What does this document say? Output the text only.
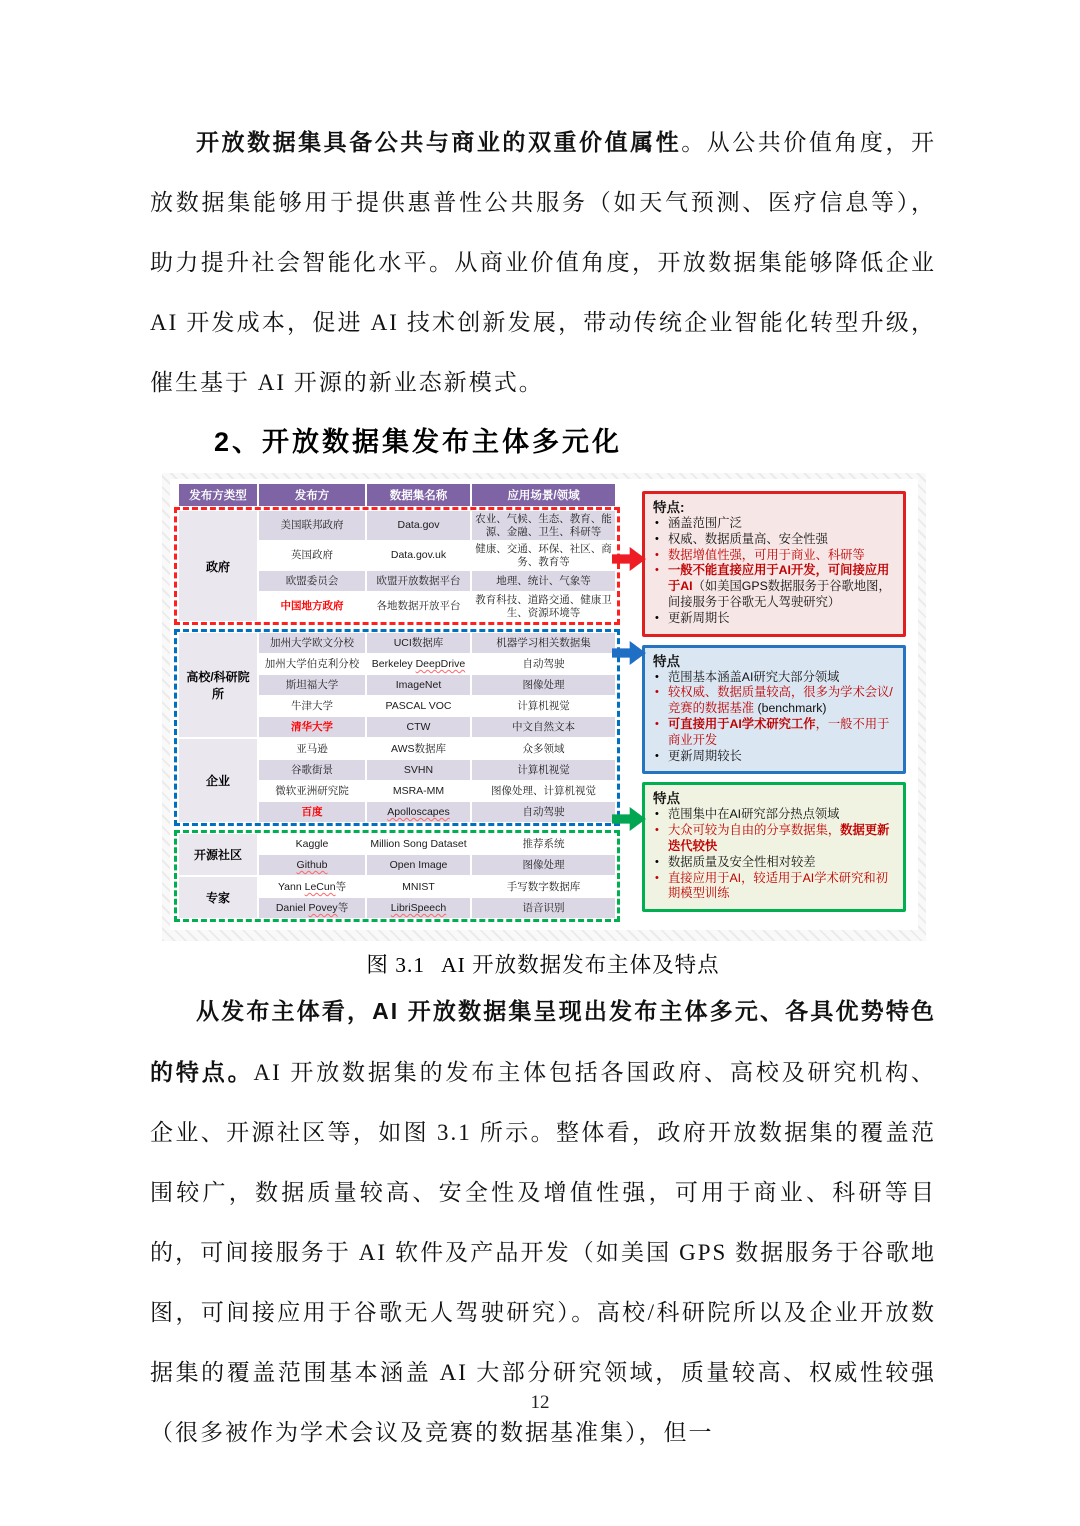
开放数据集具备公共与商业的双重价值属性。从公共价值角度，开放数据集能够用于提供惠普性公共服务（如天气预测、医疗信息等），助力提升社会智能化水平。从商业价值角度，开放数据集能够降低企业 AI 开发成本，促进 AI 技术创新发展，带动传统企业智能化转型升级，催生基于 AI 开源的新业态新模式。

2、开放数据集发布主体多元化
发布方类型	发布方	数据集名称	应用场景/领域
政府	美国联邦政府	Data.gov	农业、气候、生态、教育、能源、金融、卫生、科研等
	英国政府	Data.gov.uk	健康、交通、环保、社区、商务、教育等
	欧盟委员会	欧盟开放数据平台	地理、统计、气象等
	中国地方政府	各地数据开放平台	教育科技、道路交通、健康卫生、资源环境等
高校/科研院所	加州大学欧文分校	UCI数据库	机器学习相关数据集
	加州大学伯克利分校	Berkeley DeepDrive	自动驾驶
	斯坦福大学	ImageNet	图像处理
	牛津大学	PASCAL VOC	计算机视觉
	清华大学	CTW	中文自然文本
企业	亚马逊	AWS数据库	众多领域
	谷歌街景	SVHN	计算机视觉
	微软亚洲研究院	MSRA-MM	图像处理、计算机视觉
	百度	Apolloscapes	自动驾驶
开源社区	Kaggle	Million Song Dataset	推荐系统
	Github	Open Image	图像处理
专家	Yann LeCun等	MNIST	手写数字数据库
	Daniel Povey等	LibriSpeech	语音识别
特点:
• 涵盖范围广泛
• 权威、数据质量高、安全性强
• 数据增值性强，可用于商业、科研等
• 一般不能直接应用于AI开发，可间接应用于AI（如美国GPS数据服务于谷歌地图，间接服务于谷歌无人驾驶研究）
• 更新周期长
特点
• 范围基本涵盖AI研究大部分领域
• 较权威、数据质量较高，很多为学术会议/竞赛的数据基准 (benchmark)
• 可直接用于AI学术研究工作，一般不用于商业开发
• 更新周期较长
特点
• 范围集中在AI研究部分热点领域
• 大众可较为自由的分享数据集，数据更新迭代较快
• 数据质量及安全性相对较差
• 直接应用于AI，较适用于AI学术研究和初期模型训练
图 3.1 AI 开放数据发布主体及特点

从发布主体看，AI 开放数据集呈现出发布主体多元、各具优势特色的特点。AI 开放数据集的发布主体包括各国政府、高校及研究机构、企业、开源社区等，如图 3.1 所示。整体看，政府开放数据集的覆盖范围较广，数据质量较高、安全性及增值性强，可用于商业、科研等目的，可间接服务于 AI 软件及产品开发（如美国 GPS 数据服务于谷歌地图，可间接应用于谷歌无人驾驶研究）。高校/科研院所以及企业开放数据集的覆盖范围基本涵盖 AI 大部分研究领域，质量较高、权威性较强（很多被作为学术会议及竞赛的数据基准集），但一

12
